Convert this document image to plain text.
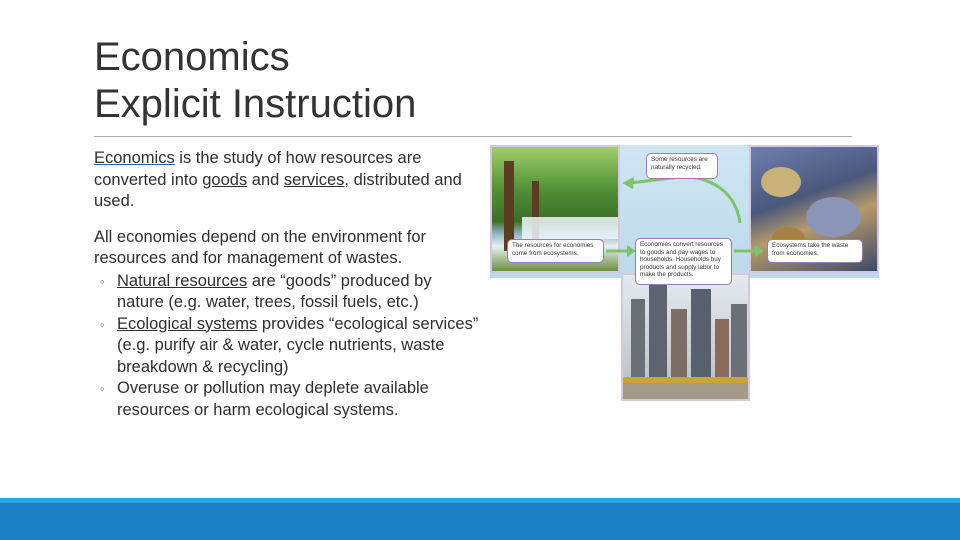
Economics
Explicit Instruction

Economics is the study of how resources are converted into goods and services, distributed and used.

All economies depend on the environment for resources and for management of wastes.

◦ Natural resources are “goods” produced by nature (e.g. water, trees, fossil fuels, etc.)
◦ Ecological systems provides “ecological services” (e.g. purify air & water, cycle nutrients, waste breakdown & recycling)
◦ Overuse or pollution may deplete available resources or harm ecological systems.
Some resources are naturally recycled.
The resources for economies come from ecosystems.
Economies convert resources to goods and pay wages to households. Households buy products and supply labor to make the products.
Ecosystems take the waste from economies.
